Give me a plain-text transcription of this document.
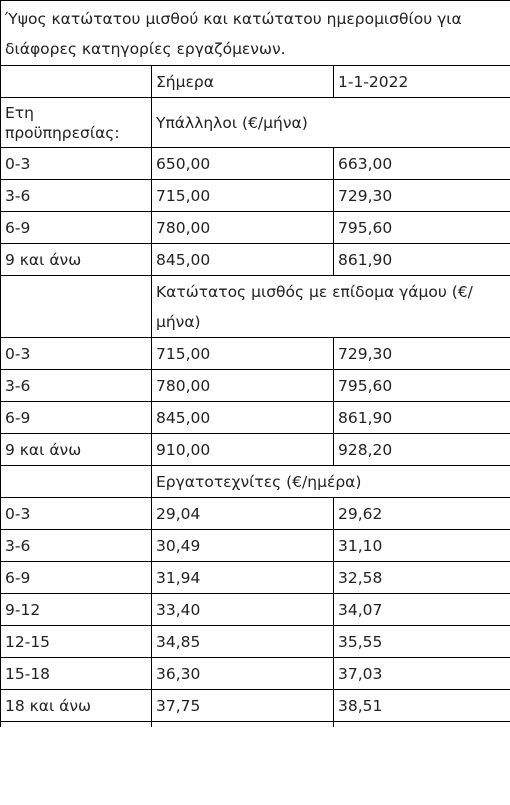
Ύψος κατώτατου μισθού και κατώτατου ημερομισθίου για διάφορες κατηγορίες εργαζόμενων.		
	Σήμερα	1-1-2022
Ετη προϋπηρεσίας:	Υπάλληλοι (€/μήνα)	
0-3	650,00	663,00
3-6	715,00	729,30
6-9	780,00	795,60
9 και άνω	845,00	861,90
	Κατώτατος μισθός με επίδομα γάμου (€/μήνα)	
0-3	715,00	729,30
3-6	780,00	795,60
6-9	845,00	861,90
9 και άνω	910,00	928,20
	Εργατοτεχνίτες (€/ημέρα)	
0-3	29,04	29,62
3-6	30,49	31,10
6-9	31,94	32,58
9-12	33,40	34,07
12-15	34,85	35,55
15-18	36,30	37,03
18 και άνω	37,75	38,51
